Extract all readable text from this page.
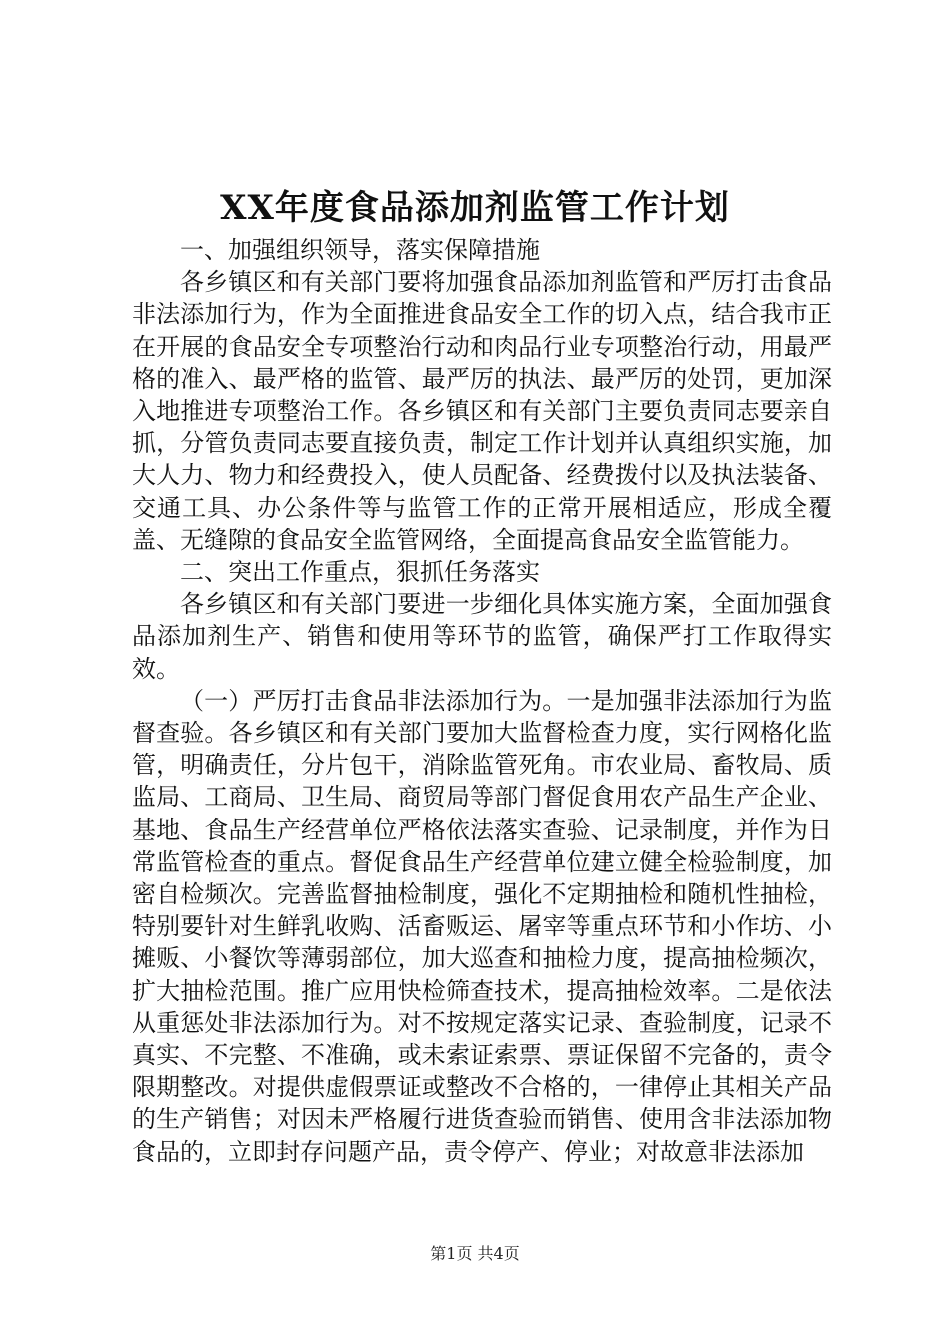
XX年度食品添加剂监管工作计划

一、加强组织领导，落实保障措施

各乡镇区和有关部门要将加强食品添加剂监管和严厉打击食品非法添加行为，作为全面推进食品安全工作的切入点，结合我市正在开展的食品安全专项整治行动和肉品行业专项整治行动，用最严格的准入、最严格的监管、最严厉的执法、最严厉的处罚，更加深入地推进专项整治工作。各乡镇区和有关部门主要负责同志要亲自抓，分管负责同志要直接负责，制定工作计划并认真组织实施，加大人力、物力和经费投入，使人员配备、经费拨付以及执法装备、交通工具、办公条件等与监管工作的正常开展相适应，形成全覆盖、无缝隙的食品安全监管网络，全面提高食品安全监管能力。

二、突出工作重点，狠抓任务落实

各乡镇区和有关部门要进一步细化具体实施方案，全面加强食品添加剂生产、销售和使用等环节的监管，确保严打工作取得实效。

（一）严厉打击食品非法添加行为。一是加强非法添加行为监督查验。各乡镇区和有关部门要加大监督检查力度，实行网格化监管，明确责任，分片包干，消除监管死角。市农业局、畜牧局、质监局、工商局、卫生局、商贸局等部门督促食用农产品生产企业、基地、食品生产经营单位严格依法落实查验、记录制度，并作为日常监管检查的重点。督促食品生产经营单位建立健全检验制度，加密自检频次。完善监督抽检制度，强化不定期抽检和随机性抽检，特别要针对生鲜乳收购、活畜贩运、屠宰等重点环节和小作坊、小摊贩、小餐饮等薄弱部位，加大巡查和抽检力度，提高抽检频次，扩大抽检范围。推广应用快检筛查技术，提高抽检效率。二是依法从重惩处非法添加行为。对不按规定落实记录、查验制度，记录不真实、不完整、不准确，或未索证索票、票证保留不完备的，责令限期整改。对提供虚假票证或整改不合格的，一律停止其相关产品的生产销售；对因未严格履行进货查验而销售、使用含非法添加物食品的，立即封存问题产品，责令停产、停业；对故意非法添加

第1页 共4页
